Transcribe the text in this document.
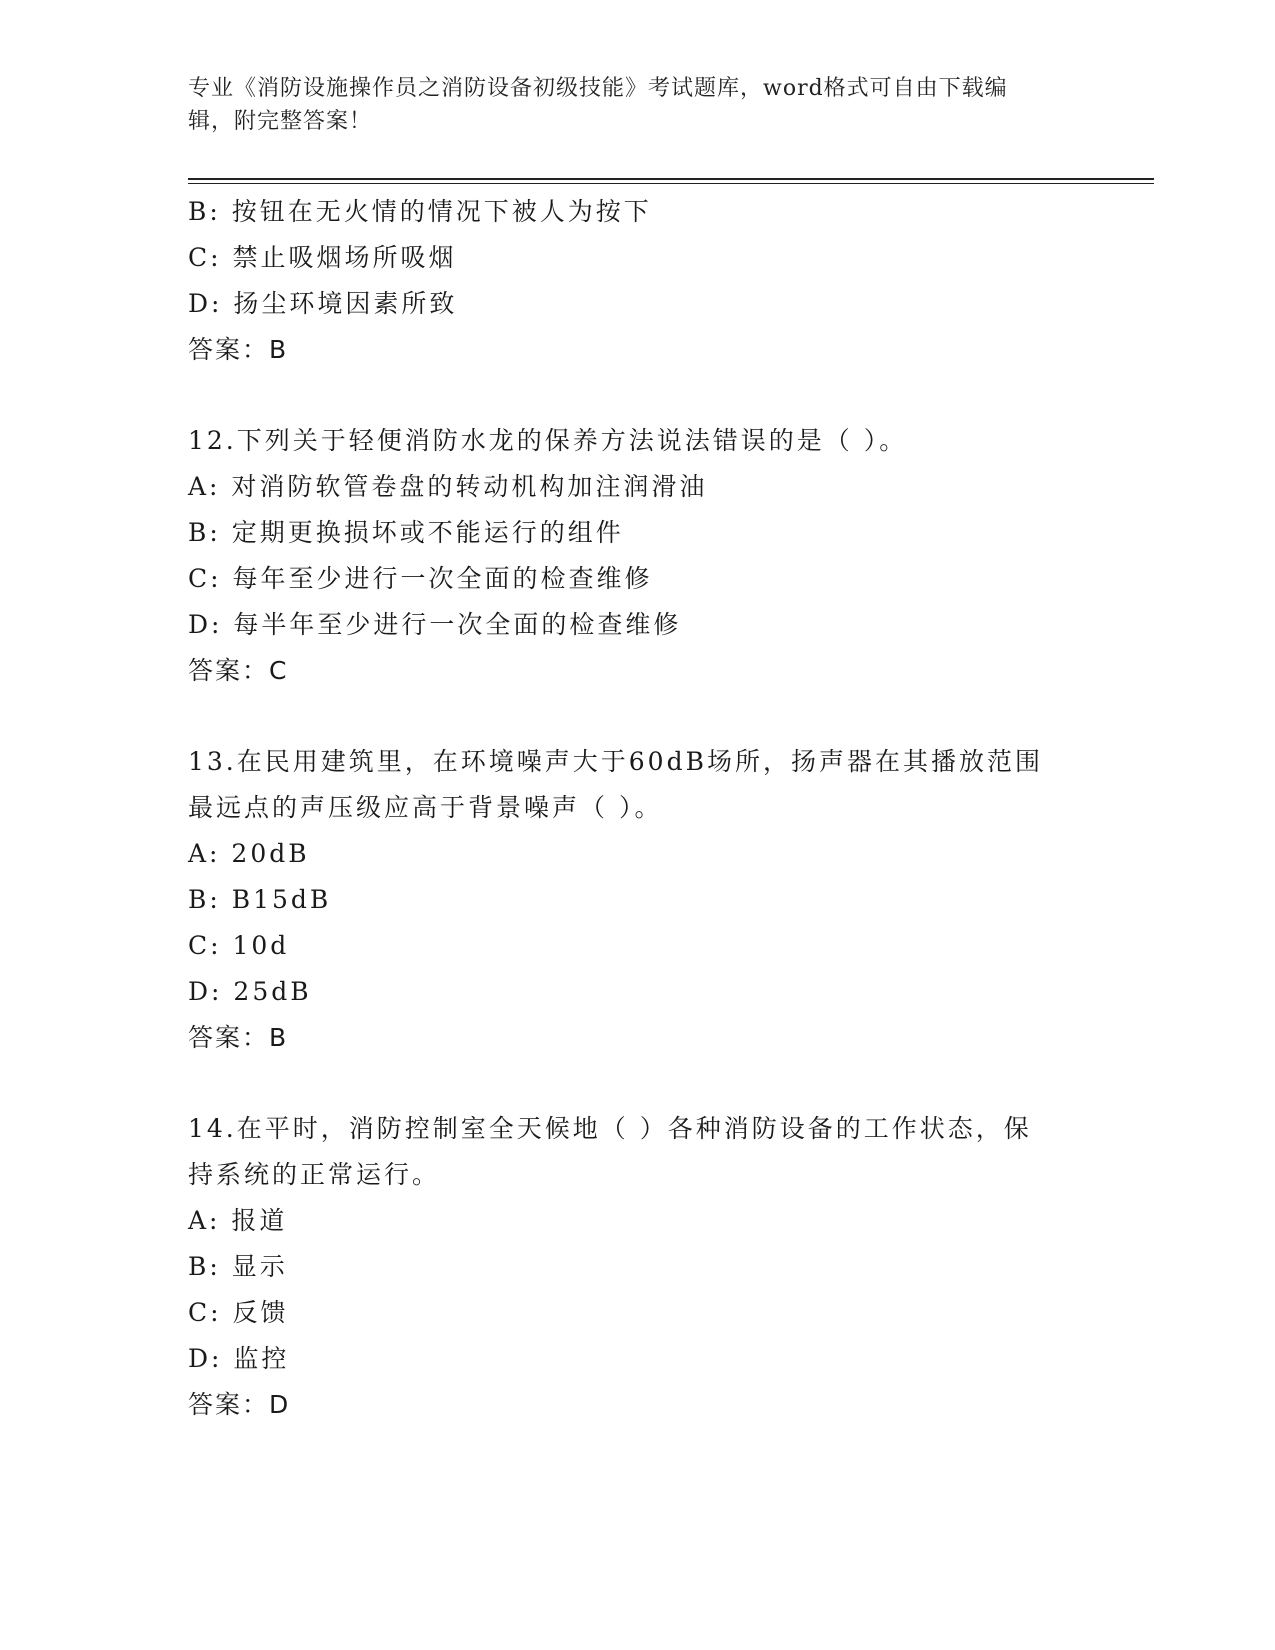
专业《消防设施操作员之消防设备初级技能》考试题库，word格式可自由下载编
辑，附完整答案！
B: 按钮在无火情的情况下被人为按下
C: 禁止吸烟场所吸烟
D: 扬尘环境因素所致
答案：B
12.下列关于轻便消防水龙的保养方法说法错误的是（ ）。
A: 对消防软管卷盘的转动机构加注润滑油
B: 定期更换损坏或不能运行的组件
C: 每年至少进行一次全面的检查维修
D: 每半年至少进行一次全面的检查维修
答案：C
13.在民用建筑里，在环境噪声大于60dB场所，扬声器在其播放范围
最远点的声压级应高于背景噪声（ ）。
A: 20dB
B: B15dB
C: 10d
D: 25dB
答案：B
14.在平时，消防控制室全天候地（ ）各种消防设备的工作状态，保
持系统的正常运行。
A: 报道
B: 显示
C: 反馈
D: 监控
答案：D
